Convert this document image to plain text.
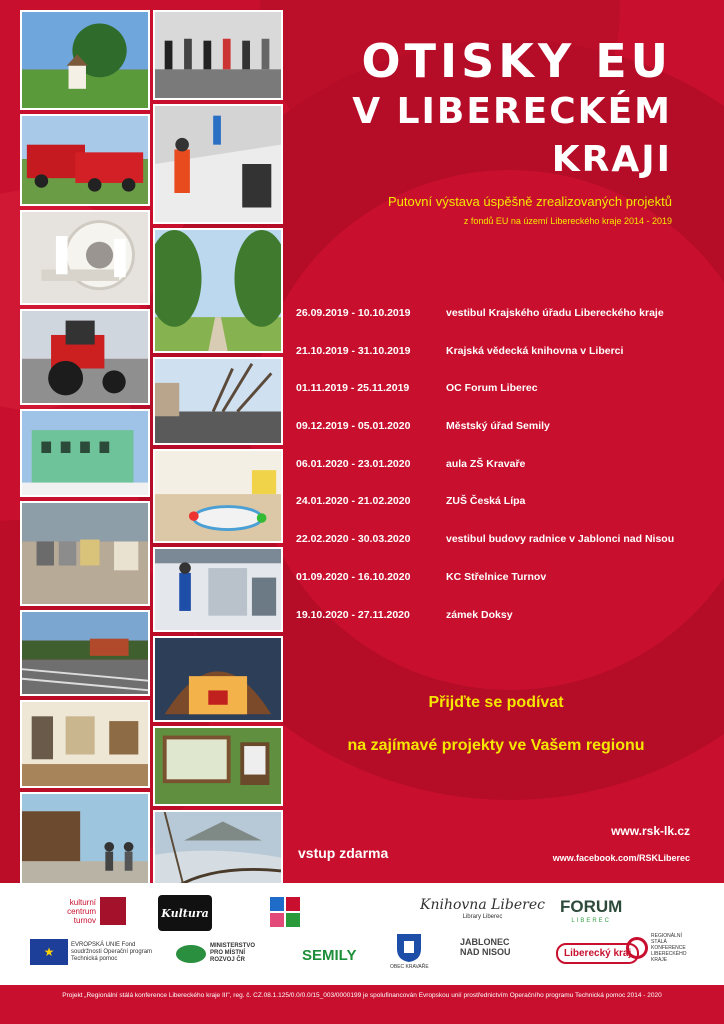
OTISKY EU
V LIBERECKÉM
KRAJI
Putovní výstava úspěšně zrealizovaných projektů
z fondů EU na území Libereckého kraje 2014 - 2019
26.09.2019 - 10.10.2019	vestibul Krajského úřadu Libereckého kraje
21.10.2019 - 31.10.2019	Krajská vědecká knihovna v Liberci
01.11.2019 - 25.11.2019	OC Forum Liberec
09.12.2019 - 05.01.2020	Městský úřad Semily
06.01.2020 - 23.01.2020	aula ZŠ Kravaře
24.01.2020 - 21.02.2020	ZUŠ Česká Lípa
22.02.2020 - 30.03.2020	vestibul budovy radnice v Jablonci nad Nisou
01.09.2020 - 16.10.2020	KC Střelnice Turnov
19.10.2020 - 27.11.2020	zámek Doksy
Přijďte se podívat
na zajímavé projekty ve Vašem regionu
www.rsk-lk.cz
www.facebook.com/RSKLiberec
vstup zdarma
kulturní centrum turnov
Kultura	Knihovna Liberec
Library Liberec
FORUM
LIBEREC
★
EVROPSKÁ UNIE Fond soudržnosti Operační program Technická pomoc
MINISTERSTVO PRO MÍSTNÍ ROZVOJ ČR	SEMILY
OBEC KRAVAŘE
JABLONEC NAD NISOU	Liberecký kraj
REGIONÁLNÍ STÁLÁ KONFERENCE LIBERECKÉHO KRAJE
Projekt „Regionální stálá konference Libereckého kraje III", reg. č. CZ.08.1.125/0.0/0.0/15_003/0000199 je spolufinancován Evropskou unií prostřednictvím Operačního programu Technická pomoc 2014 - 2020
